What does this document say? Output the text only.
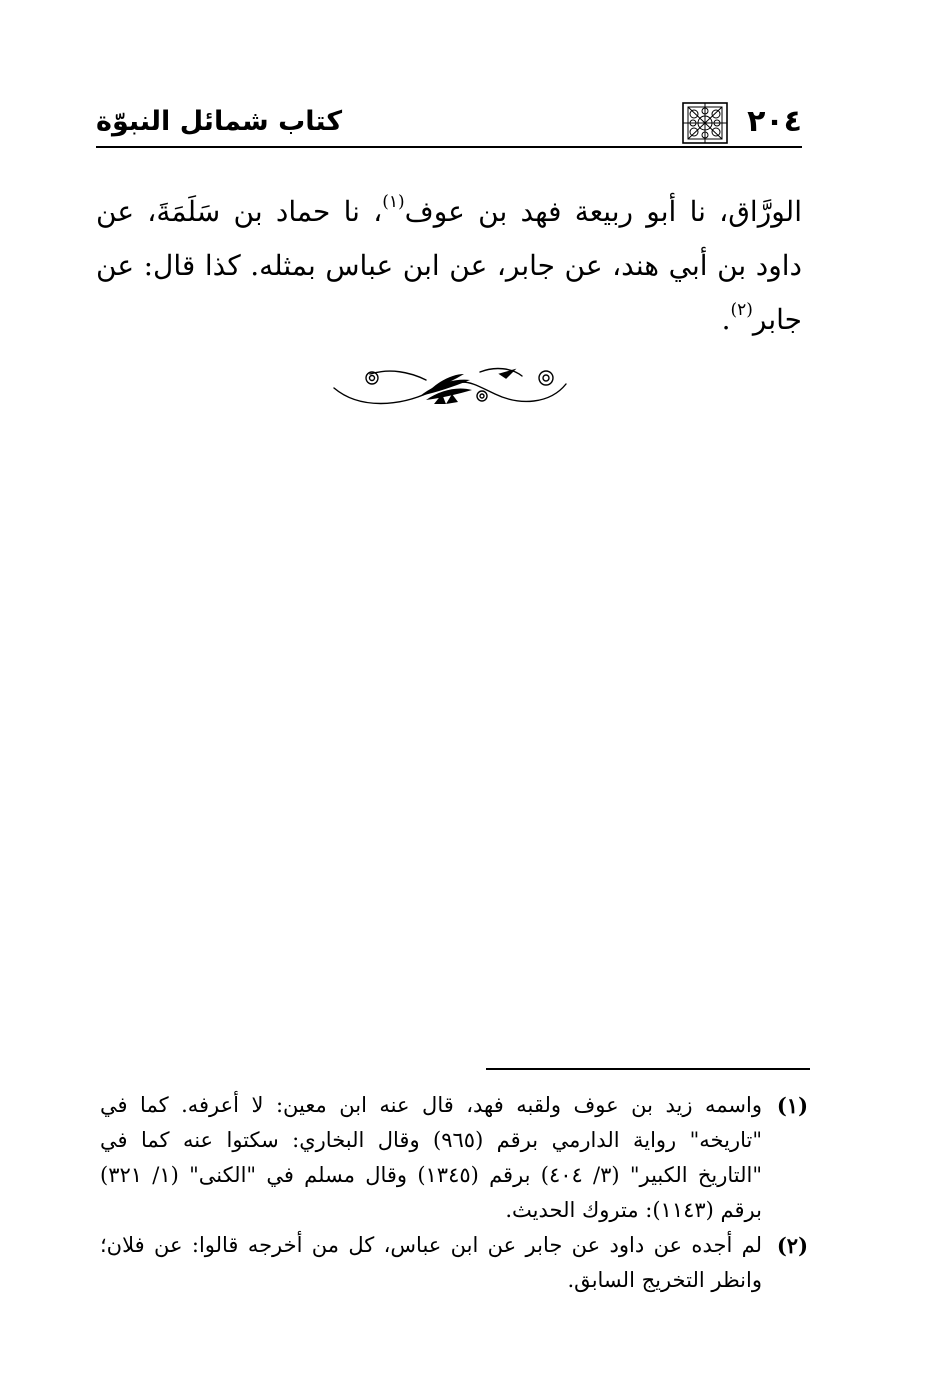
٢٠٤
كتاب شمائل النبوّة
الورَّاق، نا أبو ربيعة فهد بن عوف$^{(١)}$، نا حماد بن سَلَمَةَ، عن داود بن أبي هند، عن جابر، عن ابن عباس بمثله. كذا قال: عن جابر$^{(٢)}$.
(١)
واسمه زيد بن عوف ولقبه فهد، قال عنه ابن معين: لا أعرفه. كما في "تاريخه" رواية الدارمي برقم (٩٦٥) وقال البخاري: سكتوا عنه كما في "التاريخ الكبير" (٣/ ٤٠٤) برقم (١٣٤٥) وقال مسلم في "الكنى" (١/ ٣٢١) برقم (١١٤٣): متروك الحديث.
(٢)
لم أجده عن داود عن جابر عن ابن عباس، كل من أخرجه قالوا: عن فلان؛ وانظر التخريج السابق.
